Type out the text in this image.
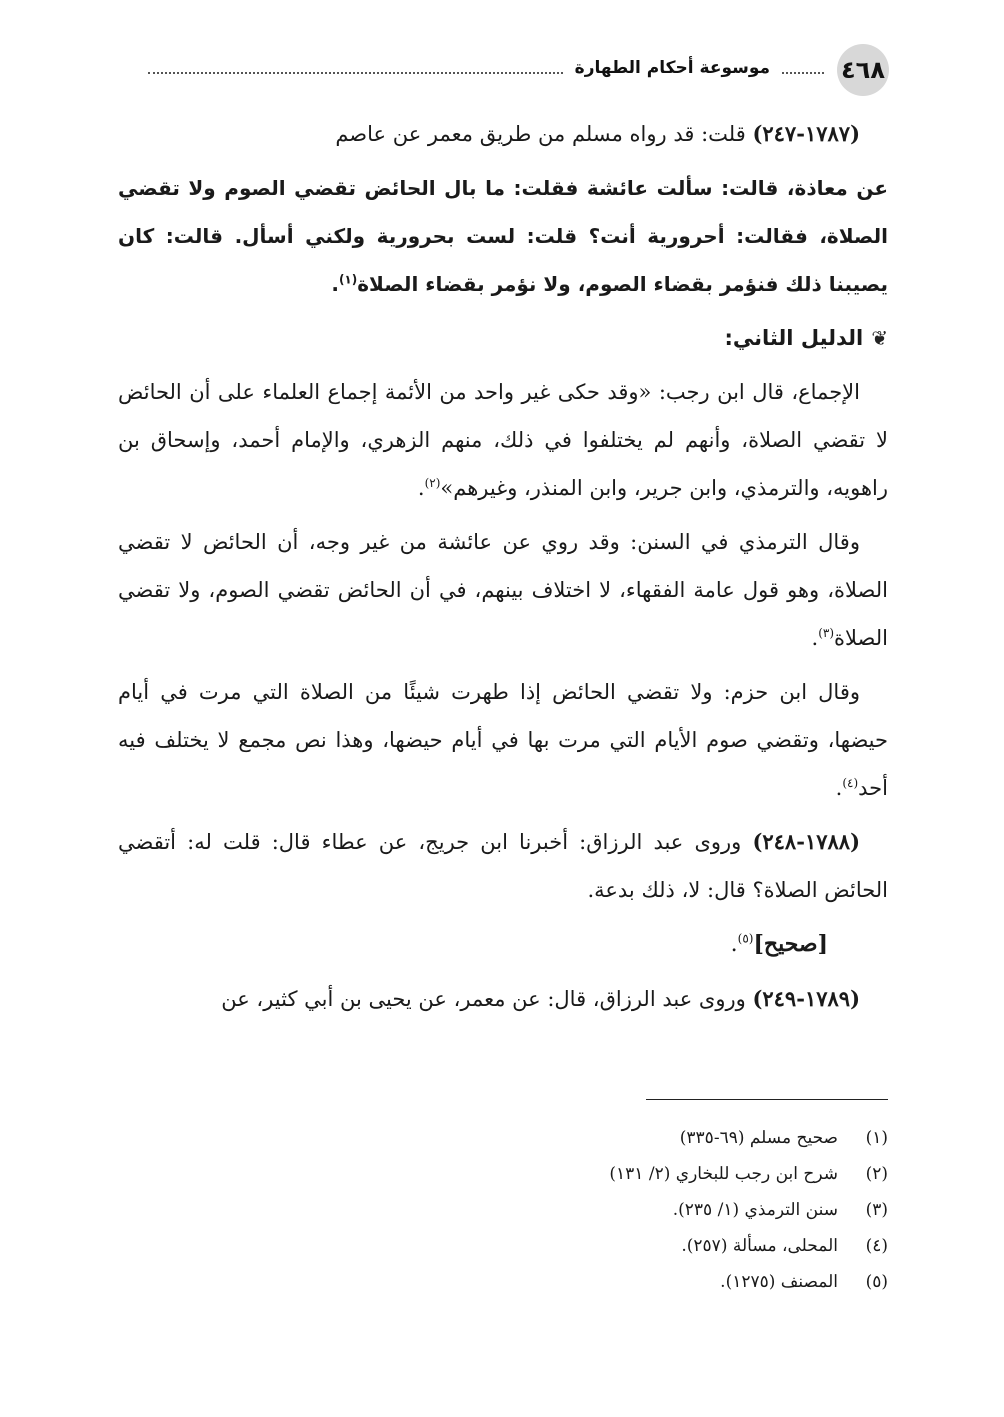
٤٦٨
موسوعة أحكام الطهارة

(١٧٨٧-٢٤٧) قلت: قد رواه مسلم من طريق معمر عن عاصم

عن معاذة، قالت: سألت عائشة فقلت: ما بال الحائض تقضي الصوم ولا تقضي الصلاة، فقالت: أحرورية أنت؟ قلت: لست بحرورية ولكني أسأل. قالت: كان يصيبنا ذلك فنؤمر بقضاء الصوم، ولا نؤمر بقضاء الصلاة$^{(١)}$.

❦
الدليل الثاني:

الإجماع، قال ابن رجب: «وقد حكى غير واحد من الأئمة إجماع العلماء على أن الحائض لا تقضي الصلاة، وأنهم لم يختلفوا في ذلك، منهم الزهري، والإمام أحمد، وإسحاق بن راهويه، والترمذي، وابن جرير، وابن المنذر، وغيرهم»$^{(٢)}$.

وقال الترمذي في السنن: وقد روي عن عائشة من غير وجه، أن الحائض لا تقضي الصلاة، وهو قول عامة الفقهاء، لا اختلاف بينهم، في أن الحائض تقضي الصوم، ولا تقضي الصلاة$^{(٣)}$.

وقال ابن حزم: ولا تقضي الحائض إذا طهرت شيئًا من الصلاة التي مرت في أيام حيضها، وتقضي صوم الأيام التي مرت بها في أيام حيضها، وهذا نص مجمع لا يختلف فيه أحد$^{(٤)}$.

(١٧٨٨-٢٤٨) وروى عبد الرزاق: أخبرنا ابن جريج، عن عطاء قال: قلت له: أتقضي الحائض الصلاة؟ قال: لا، ذلك بدعة.

[صحيح]$^{(٥)}$.

(١٧٨٩-٢٤٩) وروى عبد الرزاق، قال: عن معمر، عن يحيى بن أبي كثير، عن

(١)
صحيح مسلم (٦٩-٣٣٥)
(٢)
شرح ابن رجب للبخاري (٢/ ١٣١)
(٣)
سنن الترمذي (١/ ٢٣٥).
(٤)
المحلى، مسألة (٢٥٧).
(٥)
المصنف (١٢٧٥).
